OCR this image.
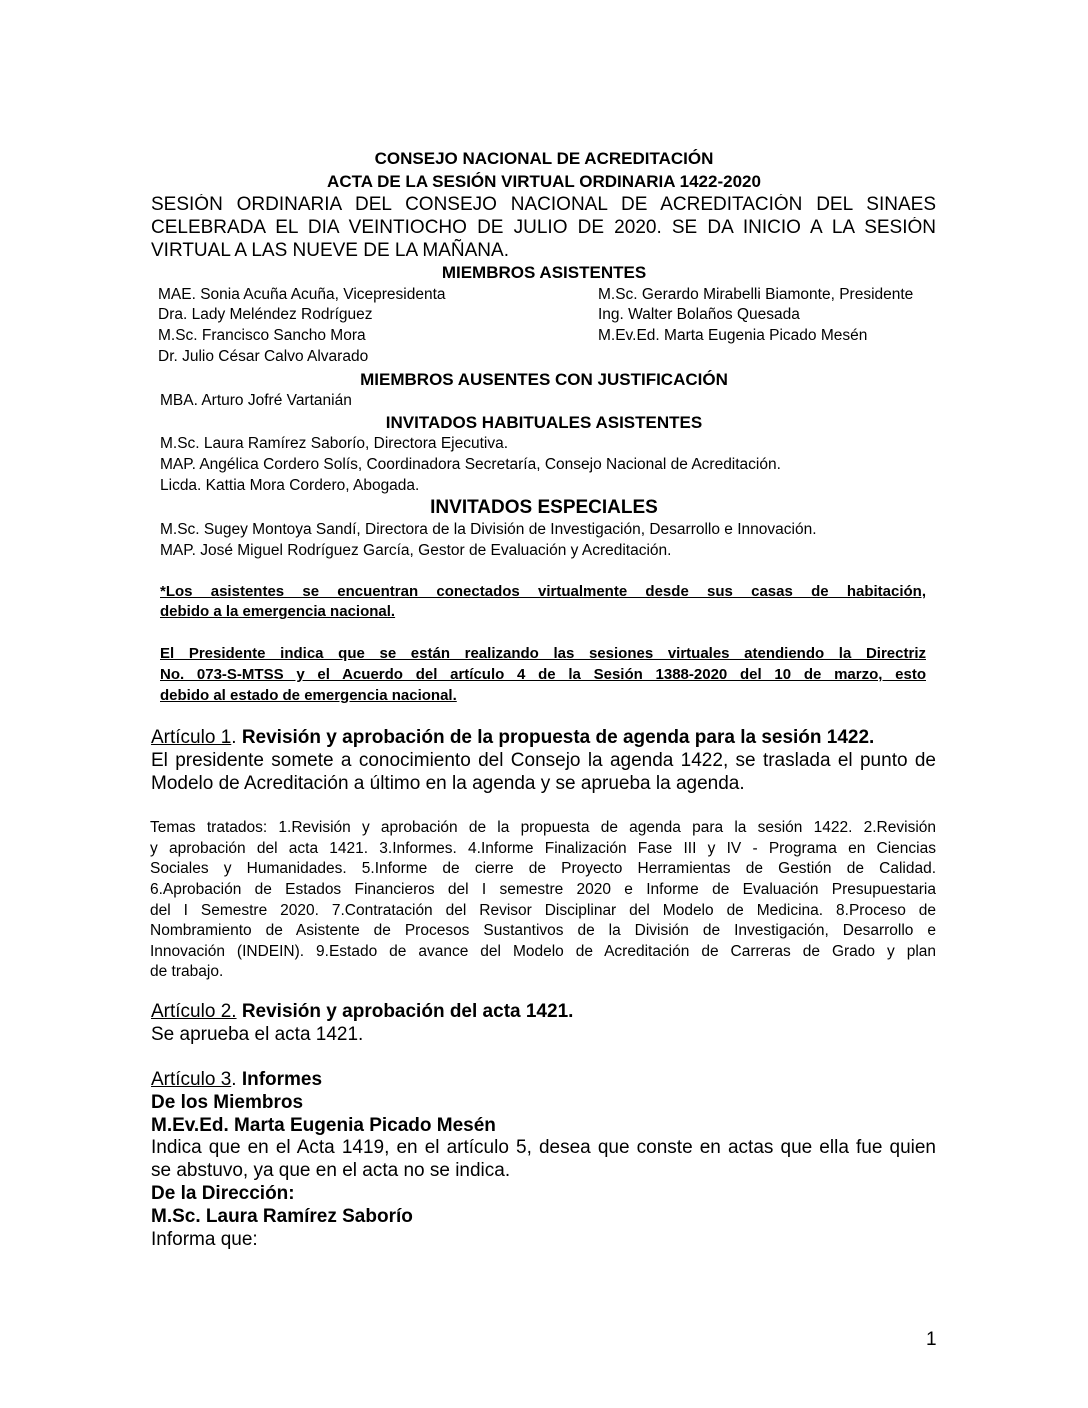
CONSEJO NACIONAL DE ACREDITACIÓN
ACTA DE LA SESIÓN VIRTUAL ORDINARIA 1422-2020
SESIÓN ORDINARIA DEL CONSEJO NACIONAL DE ACREDITACIÓN DEL SINAES
CELEBRADA EL DIA VEINTIOCHO DE JULIO DE 2020. SE DA INICIO A LA SESIÓN
VIRTUAL A LAS NUEVE DE LA MAÑANA.
MIEMBROS ASISTENTES
MAE. Sonia Acuña Acuña, Vicepresidenta
Dra. Lady Meléndez Rodríguez
M.Sc. Francisco Sancho Mora
Dr. Julio César Calvo Alvarado
M.Sc. Gerardo Mirabelli Biamonte, Presidente
Ing. Walter Bolaños Quesada
M.Ev.Ed. Marta Eugenia Picado Mesén
MIEMBROS AUSENTES CON JUSTIFICACIÓN
MBA. Arturo Jofré Vartanián
INVITADOS HABITUALES ASISTENTES
M.Sc. Laura Ramírez Saborío, Directora Ejecutiva.
MAP. Angélica Cordero Solís, Coordinadora Secretaría, Consejo Nacional de Acreditación.
Licda. Kattia Mora Cordero, Abogada.
INVITADOS ESPECIALES
M.Sc. Sugey Montoya Sandí, Directora de la División de Investigación, Desarrollo e Innovación.
MAP. José Miguel Rodríguez García, Gestor de Evaluación y Acreditación.
*Los asistentes se encuentran conectados virtualmente desde sus casas de habitación,
debido a la emergencia nacional.
El Presidente indica que se están realizando las sesiones virtuales atendiendo la Directriz
No. 073-S-MTSS y el Acuerdo del artículo 4 de la Sesión 1388-2020 del 10 de marzo, esto
debido al estado de emergencia nacional.
Artículo 1. Revisión y aprobación de la propuesta de agenda para la sesión 1422.
El presidente somete a conocimiento del Consejo la agenda 1422, se traslada el punto de
Modelo de Acreditación a último en la agenda y se aprueba la agenda.
Temas tratados: 1.Revisión y aprobación de la propuesta de agenda para la sesión 1422. 2.Revisión
y aprobación del acta 1421. 3.Informes. 4.Informe Finalización Fase III y IV - Programa en Ciencias
Sociales y Humanidades. 5.Informe de cierre de Proyecto Herramientas de Gestión de Calidad.
6.Aprobación de Estados Financieros del I semestre 2020 e Informe de Evaluación Presupuestaria
del I Semestre 2020. 7.Contratación del Revisor Disciplinar del Modelo de Medicina. 8.Proceso de
Nombramiento de Asistente de Procesos Sustantivos de la División de Investigación, Desarrollo e
Innovación (INDEIN). 9.Estado de avance del Modelo de Acreditación de Carreras de Grado y plan
de trabajo.
Artículo 2. Revisión y aprobación del acta 1421.
Se aprueba el acta 1421.
Artículo 3. Informes
De los Miembros
M.Ev.Ed. Marta Eugenia Picado Mesén
Indica que en el Acta 1419, en el artículo 5, desea que conste en actas que ella fue quien
se abstuvo, ya que en el acta no se indica.
De la Dirección:
M.Sc. Laura Ramírez Saborío
Informa que:
1
